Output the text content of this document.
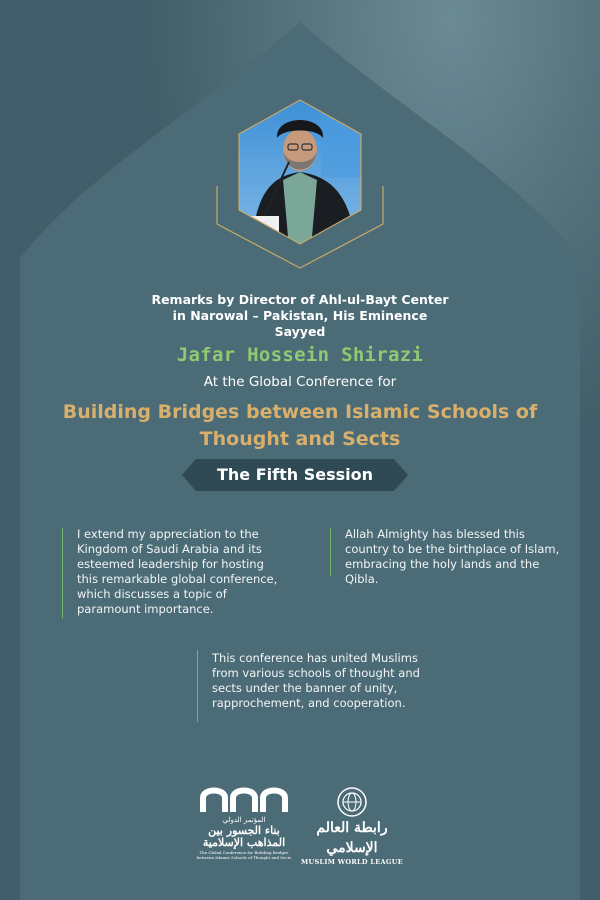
Remarks by Director of Ahl-ul-Bayt Center in Narowal – Pakistan, His Eminence Sayyed
Jafar Hossein Shirazi
At the Global Conference for
Building Bridges between Islamic Schools of Thought and Sects
The Fifth Session
I extend my appreciation to the Kingdom of Saudi Arabia and its esteemed leadership for hosting this remarkable global conference, which discusses a topic of paramount importance.
Allah Almighty has blessed this country to be the birthplace of Islam, embracing the holy lands and the Qibla.
This conference has united Muslims from various schools of thought and sects under the banner of unity, rapprochement, and cooperation.
المؤتمر الدولي
بناء الجسور بين
المذاهب الإسلامية
The Global Conference for Building Bridges
between Islamic Schools of Thought and Sects
رابطة العالم الإسلامي
MUSLIM WORLD LEAGUE
